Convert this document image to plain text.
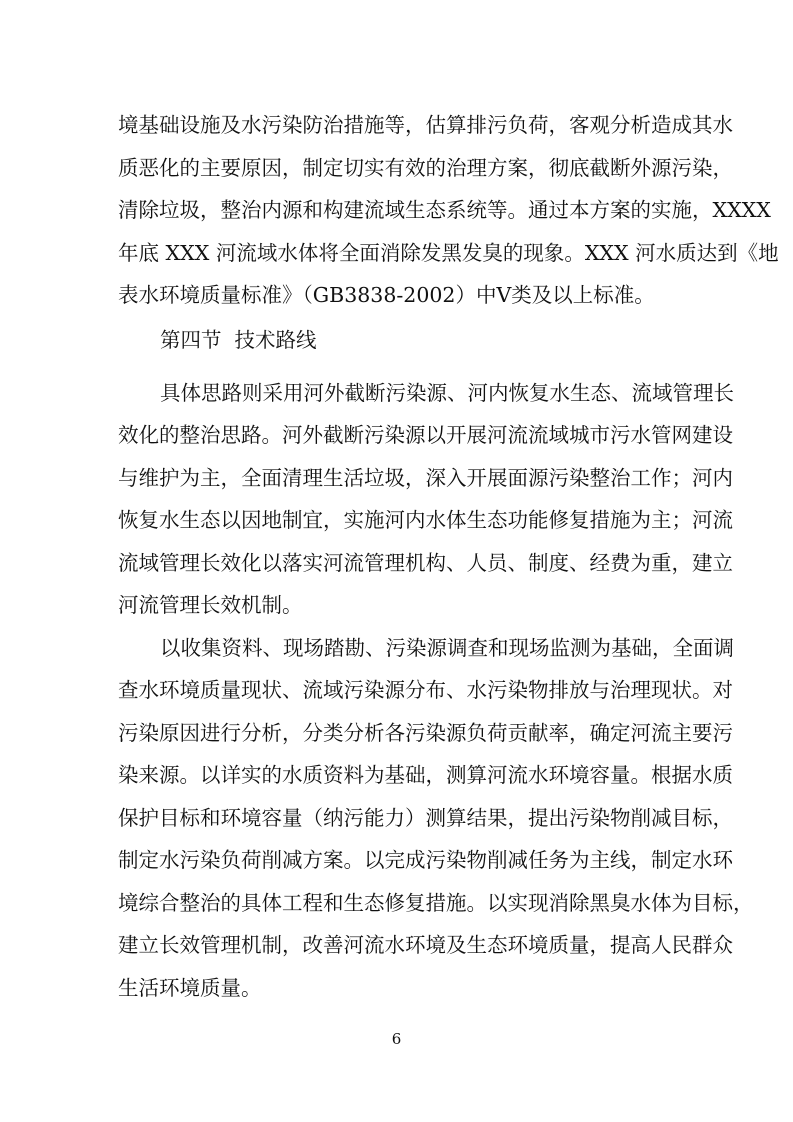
境基础设施及水污染防治措施等，估算排污负荷，客观分析造成其水
质恶化的主要原因，制定切实有效的治理方案，彻底截断外源污染，
清除垃圾，整治内源和构建流域生态系统等。通过本方案的实施，XXXX
年底 XXX 河流域水体将全面消除发黑发臭的现象。XXX 河水质达到《地
表水环境质量标准》（GB3838-2002）中Ⅴ类及以上标准。
第四节  技术路线
具体思路则采用河外截断污染源、河内恢复水生态、流域管理长
效化的整治思路。河外截断污染源以开展河流流域城市污水管网建设
与维护为主，全面清理生活垃圾，深入开展面源污染整治工作；河内
恢复水生态以因地制宜，实施河内水体生态功能修复措施为主；河流
流域管理长效化以落实河流管理机构、人员、制度、经费为重，建立
河流管理长效机制。
以收集资料、现场踏勘、污染源调查和现场监测为基础，全面调
查水环境质量现状、流域污染源分布、水污染物排放与治理现状。对
污染原因进行分析，分类分析各污染源负荷贡献率，确定河流主要污
染来源。以详实的水质资料为基础，测算河流水环境容量。根据水质
保护目标和环境容量（纳污能力）测算结果，提出污染物削减目标，
制定水污染负荷削减方案。以完成污染物削减任务为主线，制定水环
境综合整治的具体工程和生态修复措施。以实现消除黑臭水体为目标，
建立长效管理机制，改善河流水环境及生态环境质量，提高人民群众
生活环境质量。
6
